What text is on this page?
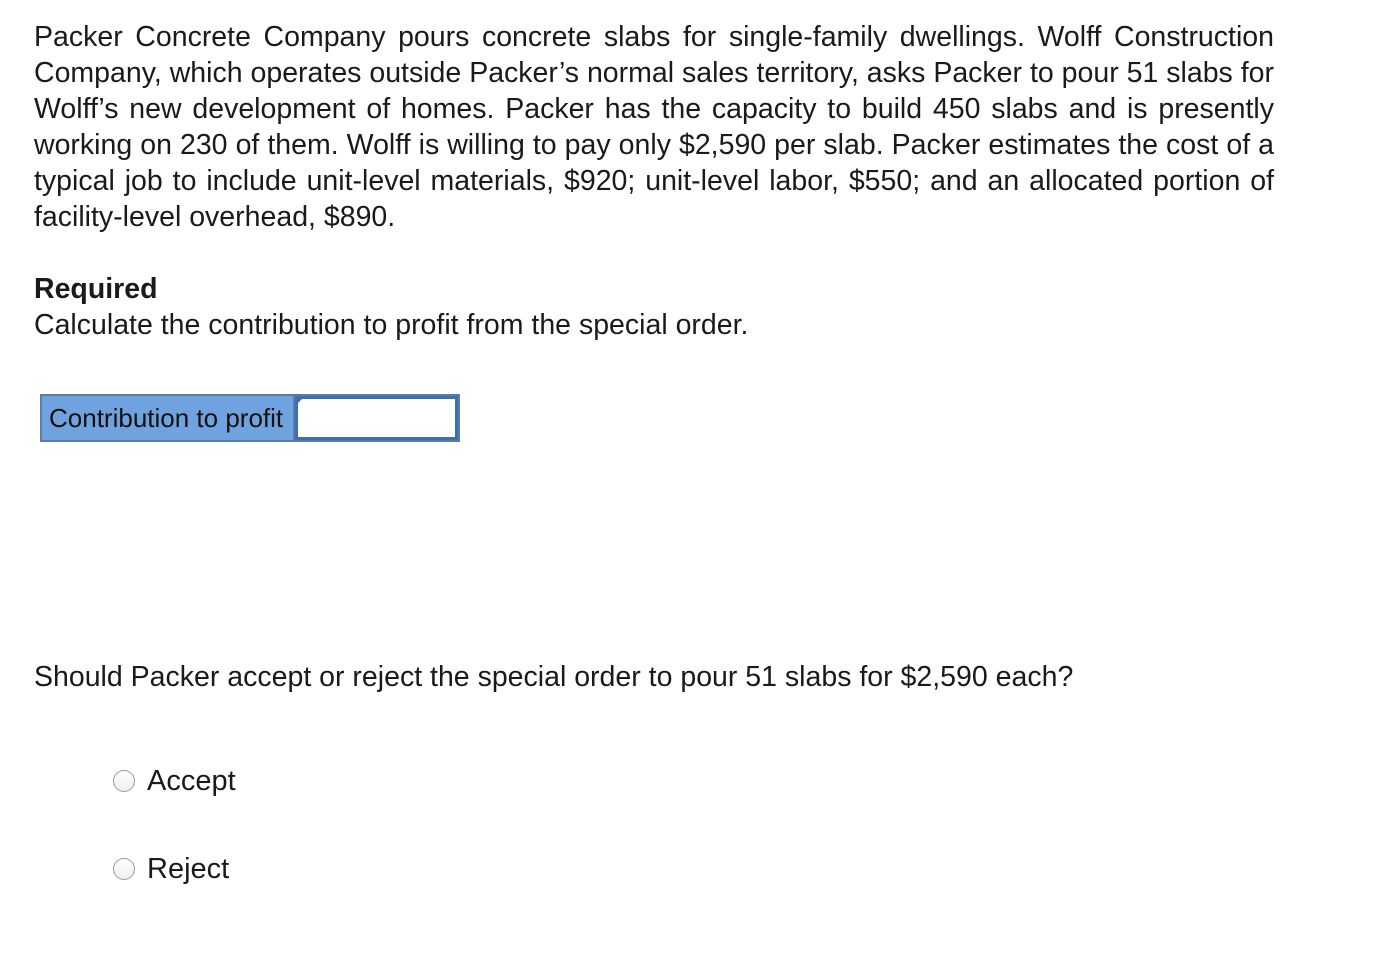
Packer Concrete Company pours concrete slabs for single-family dwellings. Wolff Construction Company, which operates outside Packer’s normal sales territory, asks Packer to pour 51 slabs for Wolff’s new development of homes. Packer has the capacity to build 450 slabs and is presently working on 230 of them. Wolff is willing to pay only $2,590 per slab. Packer estimates the cost of a typical job to include unit-level materials, $920; unit-level labor, $550; and an allocated portion of facility-level overhead, $890.

Required

Calculate the contribution to profit from the special order.

Contribution to profit

Should Packer accept or reject the special order to pour 51 slabs for $2,590 each?

Accept
Reject
